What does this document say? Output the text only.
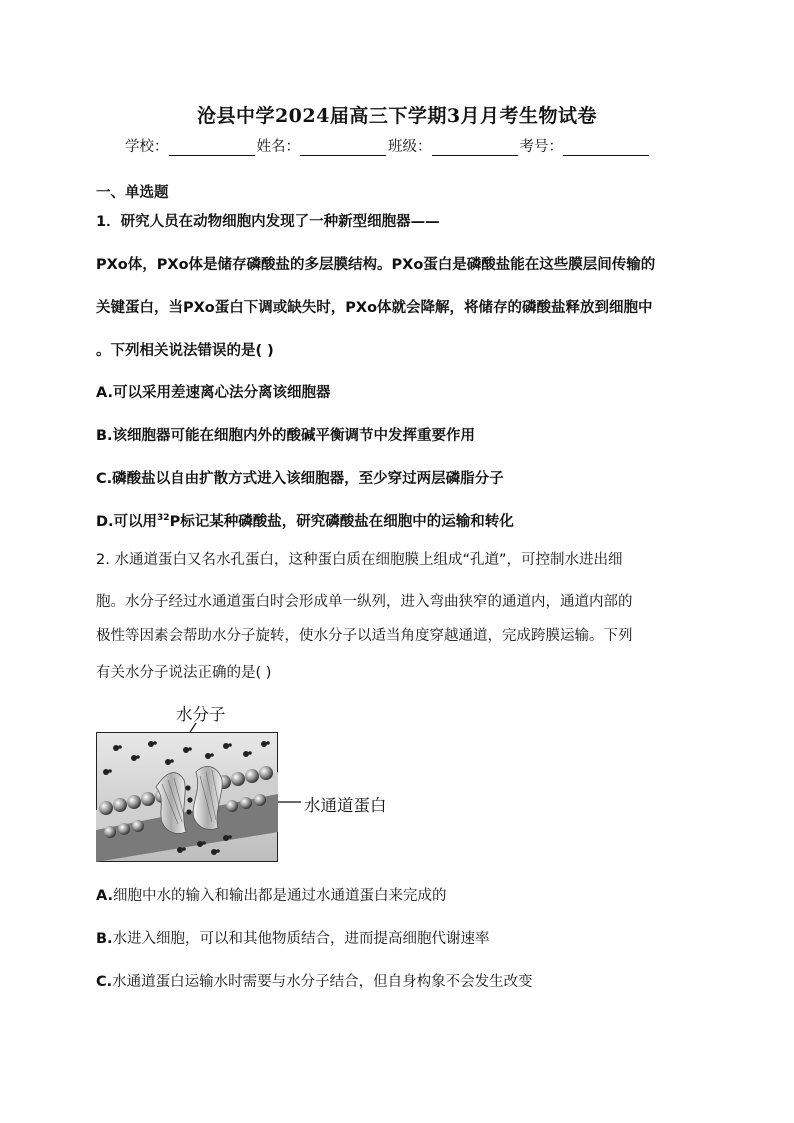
沧县中学2024届高三下学期3月月考生物试卷
学校：	姓名：	班级：	考号：
一、单选题
1．研究人员在动物细胞内发现了一种新型细胞器——
PXo体，PXo体是储存磷酸盐的多层膜结构。PXo蛋白是磷酸盐能在这些膜层间传输的
关键蛋白，当PXo蛋白下调或缺失时，PXo体就会降解，将储存的磷酸盐释放到细胞中
。下列相关说法错误的是( )
A.可以采用差速离心法分离该细胞器
B.该细胞器可能在细胞内外的酸碱平衡调节中发挥重要作用
C.磷酸盐以自由扩散方式进入该细胞器，至少穿过两层磷脂分子
D.可以用$^{32}$P标记某种磷酸盐，研究磷酸盐在细胞中的运输和转化
2. 水通道蛋白又名水孔蛋白，这种蛋白质在细胞膜上组成“孔道”，可控制水进出细
胞。水分子经过水通道蛋白时会形成单一纵列，进入弯曲狭窄的通道内，通道内部的
极性等因素会帮助水分子旋转，使水分子以适当角度穿越通道，完成跨膜运输。下列
有关水分子说法正确的是( )
水分子
水通道蛋白
A.细胞中水的输入和输出都是通过水通道蛋白来完成的
B.水进入细胞，可以和其他物质结合，进而提高细胞代谢速率
C.水通道蛋白运输水时需要与水分子结合，但自身构象不会发生改变
